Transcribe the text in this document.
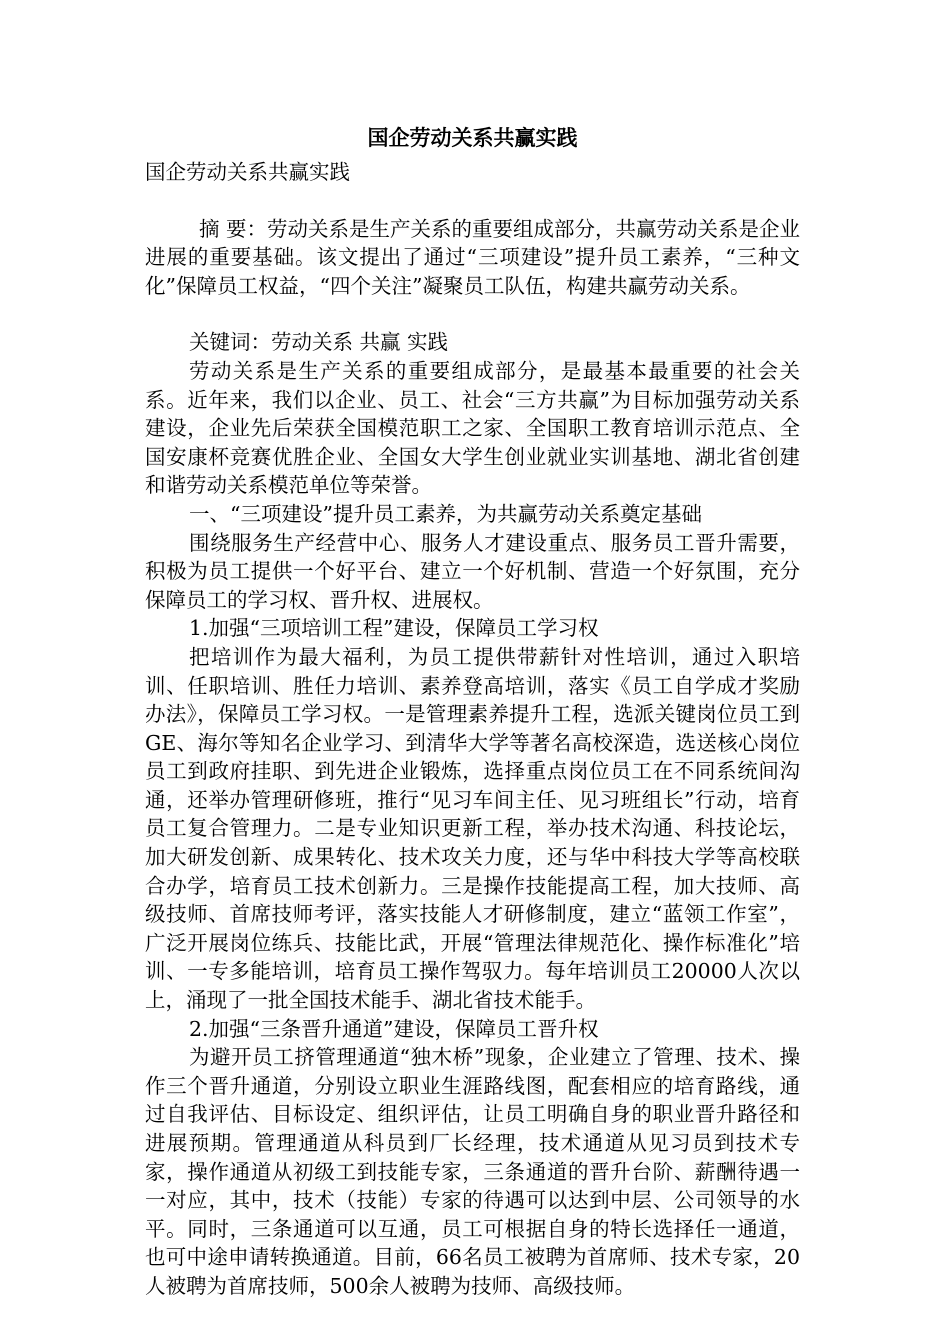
国企劳动关系共赢实践
国企劳动关系共赢实践

摘 要：劳动关系是生产关系的重要组成部分，共赢劳动关系是企业进展的重要基础。该文提出了通过“三项建设”提升员工素养，“三种文化”保障员工权益，“四个关注”凝聚员工队伍，构建共赢劳动关系。

关键词：劳动关系 共赢 实践

劳动关系是生产关系的重要组成部分，是最基本最重要的社会关系。近年来，我们以企业、员工、社会“三方共赢”为目标加强劳动关系建设，企业先后荣获全国模范职工之家、全国职工教育培训示范点、全国安康杯竞赛优胜企业、全国女大学生创业就业实训基地、湖北省创建和谐劳动关系模范单位等荣誉。

一、“三项建设”提升员工素养，为共赢劳动关系奠定基础

围绕服务生产经营中心、服务人才建设重点、服务员工晋升需要，积极为员工提供一个好平台、建立一个好机制、营造一个好氛围，充分保障员工的学习权、晋升权、进展权。

1.加强“三项培训工程”建设，保障员工学习权

把培训作为最大福利，为员工提供带薪针对性培训，通过入职培训、任职培训、胜任力培训、素养登高培训，落实《员工自学成才奖励办法》，保障员工学习权。一是管理素养提升工程，选派关键岗位员工到GE、海尔等知名企业学习、到清华大学等著名高校深造，选送核心岗位员工到政府挂职、到先进企业锻炼，选择重点岗位员工在不同系统间沟通，还举办管理研修班，推行“见习车间主任、见习班组长”行动，培育员工复合管理力。二是专业知识更新工程，举办技术沟通、科技论坛，加大研发创新、成果转化、技术攻关力度，还与华中科技大学等高校联合办学，培育员工技术创新力。三是操作技能提高工程，加大技师、高级技师、首席技师考评，落实技能人才研修制度，建立“蓝领工作室”，广泛开展岗位练兵、技能比武，开展“管理法律规范化、操作标准化”培训、一专多能培训，培育员工操作驾驭力。每年培训员工20000人次以上，涌现了一批全国技术能手、湖北省技术能手。

2.加强“三条晋升通道”建设，保障员工晋升权

为避开员工挤管理通道“独木桥”现象，企业建立了管理、技术、操作三个晋升通道，分别设立职业生涯路线图，配套相应的培育路线，通过自我评估、目标设定、组织评估，让员工明确自身的职业晋升路径和进展预期。管理通道从科员到厂长经理，技术通道从见习员到技术专家，操作通道从初级工到技能专家，三条通道的晋升台阶、薪酬待遇一一对应，其中，技术（技能）专家的待遇可以达到中层、公司领导的水平。同时，三条通道可以互通，员工可根据自身的特长选择任一通道，也可中途申请转换通道。目前，66名员工被聘为首席师、技术专家，20人被聘为首席技师，500余人被聘为技师、高级技师。
